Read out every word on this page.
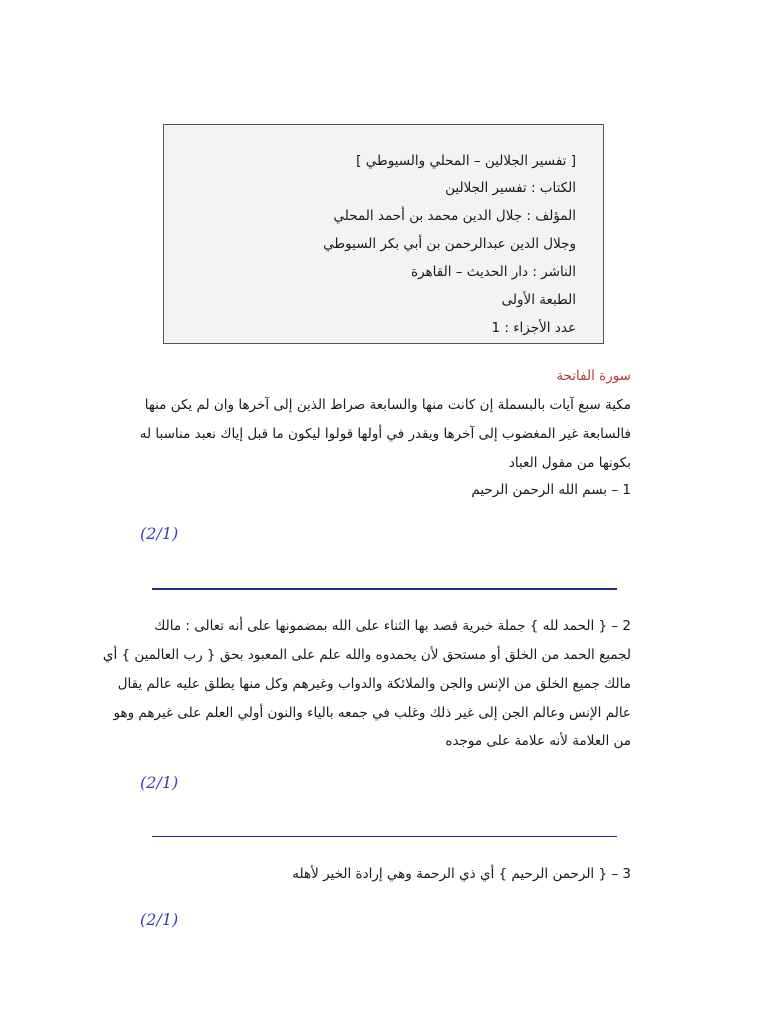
[ تفسير الجلالين – المحلي والسيوطي ]
الكتاب : تفسير الجلالين
المؤلف : جلال الدين محمد بن أحمد المحلي
وجلال الدين عبدالرحمن بن أبي بكر السيوطي
الناشر : دار الحديث – القاهرة
الطبعة الأولى
عدد الأجزاء : 1
سورة الفاتحة
مكية سبع آيات بالبسملة إن كانت منها والسابعة صراط الذين إلى آخرها وان لم يكن منها
فالسابعة غير المغضوب إلى آخرها ويقدر في أولها قولوا ليكون ما قبل إياك نعبد مناسبا له
بكونها من مقول العباد
1 – بسم الله الرحمن الرحيم
(2/1)
2 – { الحمد لله } جملة خبرية قصد بها الثناء على الله بمضمونها على أنه تعالى : مالك
لجميع الحمد من الخلق أو مستحق لأن يحمدوه والله علم على المعبود بحق { رب العالمين } أي
مالك جميع الخلق من الإنس والجن والملائكة والدواب وغيرهم وكل منها يطلق عليه عالم يقال
عالم الإنس وعالم الجن إلى غير ذلك وغلب في جمعه بالياء والنون أولي العلم على غيرهم وهو
من العلامة لأنه علامة على موجده
(2/1)
3 – { الرحمن الرحيم } أي ذي الرحمة وهي إرادة الخير لأهله
(2/1)
